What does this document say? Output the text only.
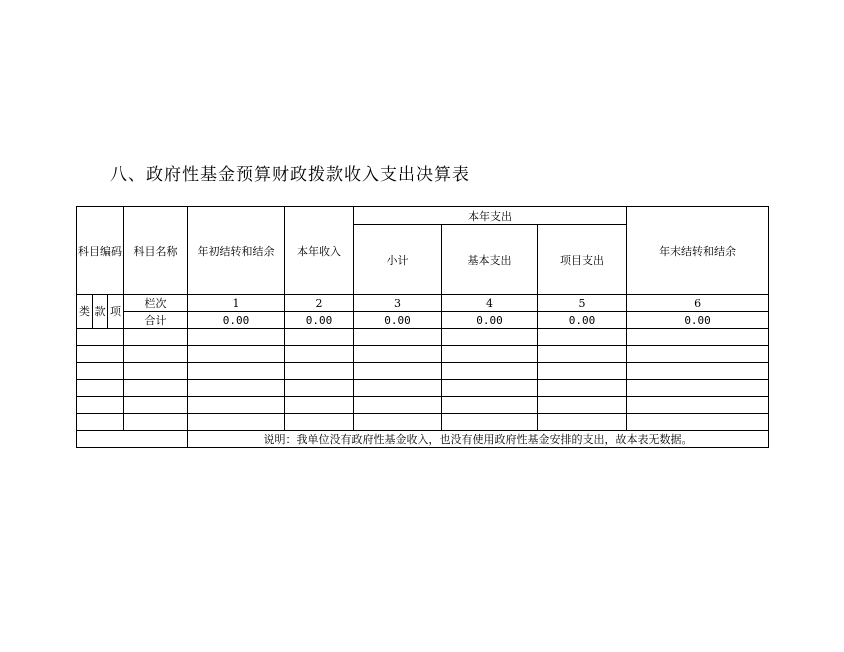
八、政府性基金预算财政拨款收入支出决算表
科目编码			科目名称	年初结转和结余	本年收入	本年支出			年末结转和结余
						小计	基本支出	项目支出	
类	款	项	栏次	1	2	3	4	5	6
			合计	0.00	0.00	0.00	0.00	0.00	0.00

				说明：我单位没有政府性基金收入，也没有使用政府性基金安排的支出，故本表无数据。					
